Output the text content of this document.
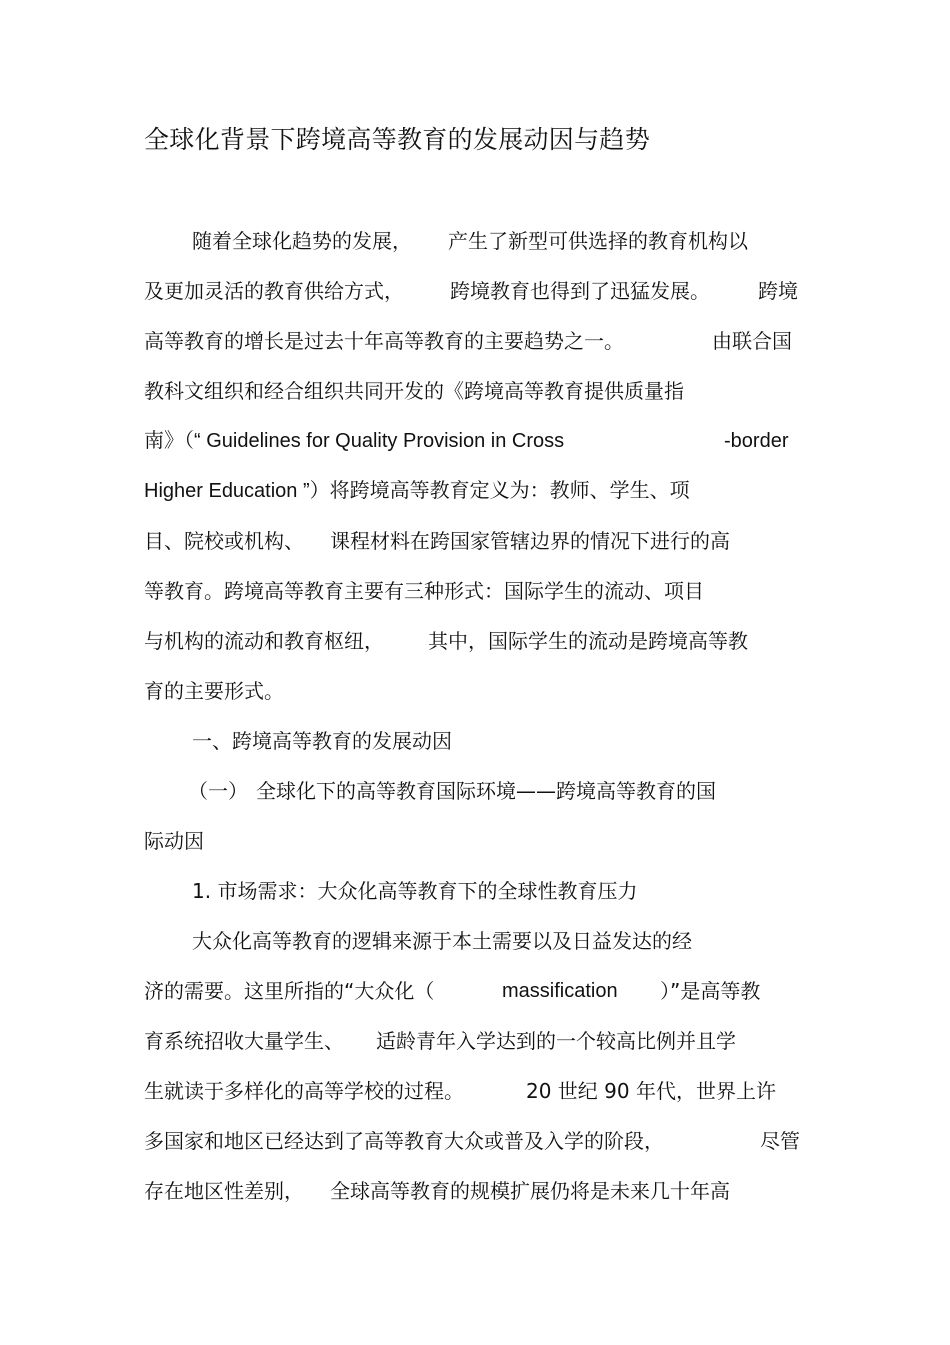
全球化背景下跨境高等教育的发展动因与趋势
随着全球化趋势的发展， 产生了新型可供选择的教育机构以
及更加灵活的教育供给方式， 跨境教育也得到了迅猛发展。 跨境
高等教育的增长是过去十年高等教育的主要趋势之一。	由联合国
教科文组织和经合组织共同开发的《跨境高等教育提供质量指
南》（“ Guidelines for Quality Provision in Cross	-border
Higher Education ”）将跨境高等教育定义为：教师、学生、项
目、院校或机构、 课程材料在跨国家管辖边界的情况下进行的高
等教育。跨境高等教育主要有三种形式：国际学生的流动、项目
与机构的流动和教育枢纽， 其中，国际学生的流动是跨境高等教
育的主要形式。
一、跨境高等教育的发展动因
（一） 全球化下的高等教育国际环境——跨境高等教育的国
际动因
1. 市场需求：大众化高等教育下的全球性教育压力
大众化高等教育的逻辑来源于本土需要以及日益发达的经
济的需要。这里所指的“大众化（	massification ）”是高等教
育系统招收大量学生、 适龄青年入学达到的一个较高比例并且学
生就读于多样化的高等学校的过程。	20 世纪 90 年代，世界上许
多国家和地区已经达到了高等教育大众或普及入学的阶段，	尽管
存在地区性差别， 全球高等教育的规模扩展仍将是未来几十年高
